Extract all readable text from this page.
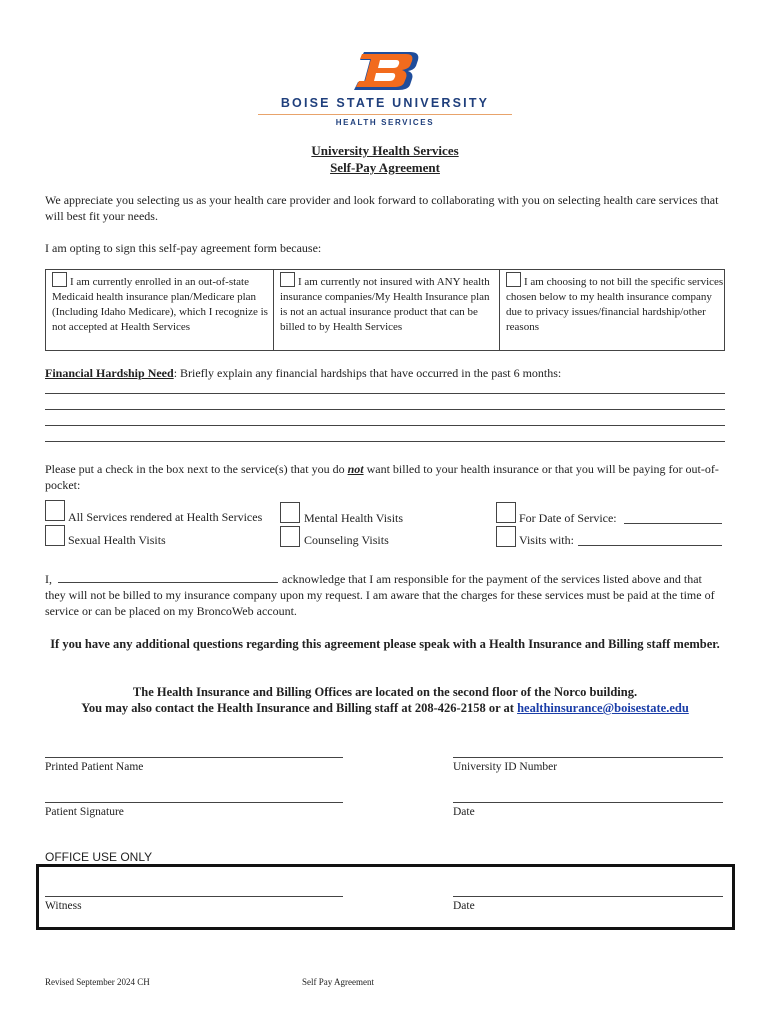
BOISE STATE UNIVERSITY
HEALTH SERVICES
University Health Services
Self-Pay Agreement
We appreciate you selecting us as your health care provider and look forward to collaborating with you on selecting health care services that will best fit your needs.
I am opting to sign this self-pay agreement form because:
I am currently enrolled in an out-of-state Medicaid health insurance plan/Medicare plan (Including Idaho Medicare), which I recognize is not accepted at Health Services
I am currently not insured with ANY health insurance companies/My Health Insurance plan is not an actual insurance product that can be billed to by Health Services
I am choosing to not bill the specific services chosen below to my health insurance company due to privacy issues/financial hardship/other reasons
Financial Hardship Need: Briefly explain any financial hardships that have occurred in the past 6 months:
Please put a check in the box next to the service(s) that you do not want billed to your health insurance or that you will be paying for out-of-pocket:
All Services rendered at Health Services	Mental Health Visits	For Date of Service:
Sexual Health Visits	Counseling Visits	Visits with:
I,	acknowledge that I am responsible for the payment of the services listed above and that they will not be billed to my insurance company upon my request. I am aware that the charges for these services must be paid at the time of service or can be placed on my BroncoWeb account.
If you have any additional questions regarding this agreement please speak with a Health Insurance and Billing staff member.
The Health Insurance and Billing Offices are located on the second floor of the Norco building.
You may also contact the Health Insurance and Billing staff at 208-426-2158 or at healthinsurance@boisestate.edu
Printed Patient Name	University ID Number
Patient Signature	Date
OFFICE USE ONLY
Witness	Date
Revised September 2024 CH	Self Pay Agreement
